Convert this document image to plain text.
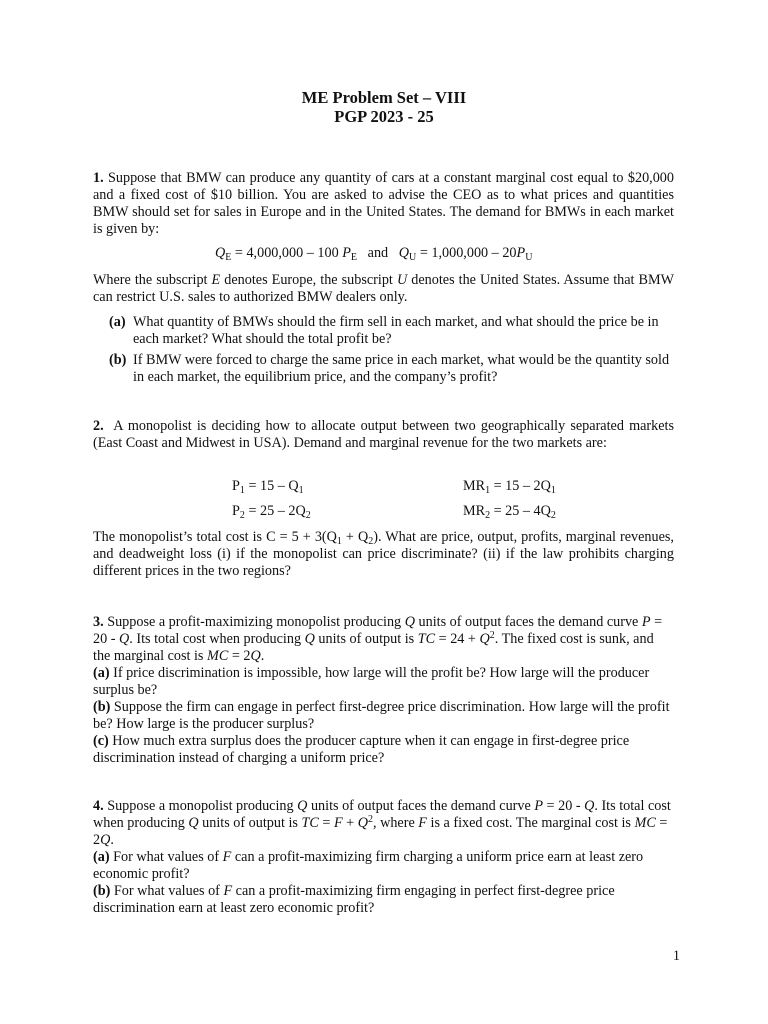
ME Problem Set – VIII
PGP 2023 - 25
1. Suppose that BMW can produce any quantity of cars at a constant marginal cost equal to $20,000 and a fixed cost of $10 billion. You are asked to advise the CEO as to what prices and quantities BMW should set for sales in Europe and in the United States. The demand for BMWs in each market is given by:
$Q_E = 4,000,000 - 100$ $P_E$ and $Q_U = 1,000,000 - 20P_U$
Where the subscript E denotes Europe, the subscript U denotes the United States. Assume that BMW can restrict U.S. sales to authorized BMW dealers only.
(a) What quantity of BMWs should the firm sell in each market, and what should the price be in each market? What should the total profit be?
(b) If BMW were forced to charge the same price in each market, what would be the quantity sold in each market, the equilibrium price, and the company’s profit?
2. A monopolist is deciding how to allocate output between two geographically separated markets (East Coast and Midwest in USA). Demand and marginal revenue for the two markets are:
$P_1 = 15 - Q_1$	$MR_1 = 15 - 2Q_1$
$P_2 = 25 - 2Q_2$	$MR_2 = 25 - 4Q_2$
The monopolist’s total cost is $C = 5 + 3(Q_1 + Q_2)$. What are price, output, profits, marginal revenues, and deadweight loss (i) if the monopolist can price discriminate? (ii) if the law prohibits charging different prices in the two regions?
3. Suppose a profit-maximizing monopolist producing Q units of output faces the demand curve P = 20 - Q. Its total cost when producing Q units of output is TC = $24 + Q^2$. The fixed cost is sunk, and the marginal cost is MC = 2Q.
(a) If price discrimination is impossible, how large will the profit be? How large will the producer surplus be?
(b) Suppose the firm can engage in perfect first-degree price discrimination. How large will the profit be? How large is the producer surplus?
(c) How much extra surplus does the producer capture when it can engage in first-degree price discrimination instead of charging a uniform price?
4. Suppose a monopolist producing Q units of output faces the demand curve P = 20 - Q. Its total cost when producing Q units of output is TC = $F + Q^2$, where F is a fixed cost. The marginal cost is MC = 2Q.
(a) For what values of F can a profit-maximizing firm charging a uniform price earn at least zero economic profit?
(b) For what values of F can a profit-maximizing firm engaging in perfect first-degree price discrimination earn at least zero economic profit?
1
